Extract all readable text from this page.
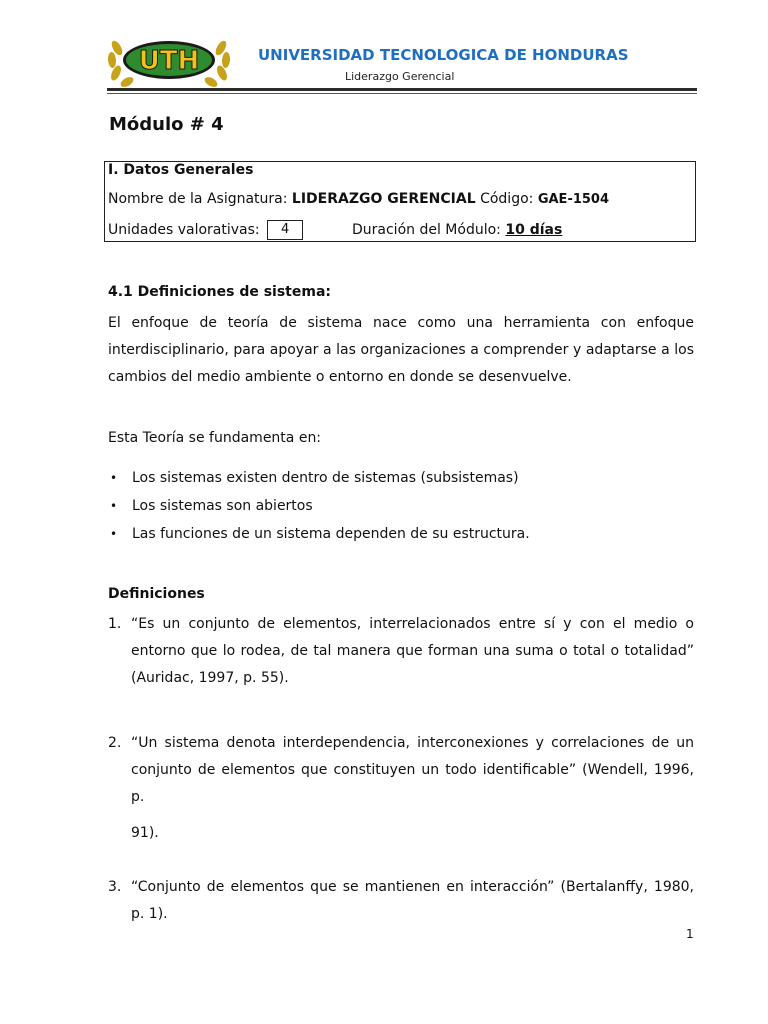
UTH	UNIVERSIDAD TECNOLOGICA DE HONDURAS
Liderazgo Gerencial
Módulo # 4
I. Datos Generales
Nombre de la Asignatura: LIDERAZGO GERENCIAL Código: GAE-1504
Unidades valorativas: 4	Duración del Módulo: 10 días
4.1 Definiciones de sistema:
El enfoque de teoría de sistema nace como una herramienta con enfoque interdisciplinario, para apoyar a las organizaciones a comprender y adaptarse a los cambios del medio ambiente o entorno en donde se desenvuelve.
Esta Teoría se fundamenta en:
• Los sistemas existen dentro de sistemas (subsistemas)
• Los sistemas son abiertos
• Las funciones de un sistema dependen de su estructura.
Definiciones
1. “Es un conjunto de elementos, interrelacionados entre sí y con el medio o entorno que lo rodea, de tal manera que forman una suma o total o totalidad” (Auridac, 1997, p. 55).
2. “Un sistema denota interdependencia, interconexiones y correlaciones de un conjunto de elementos que constituyen un todo identificable” (Wendell, 1996, p.
91).
3. “Conjunto de elementos que se mantienen en interacción” (Bertalanffy, 1980, p. 1).
1
